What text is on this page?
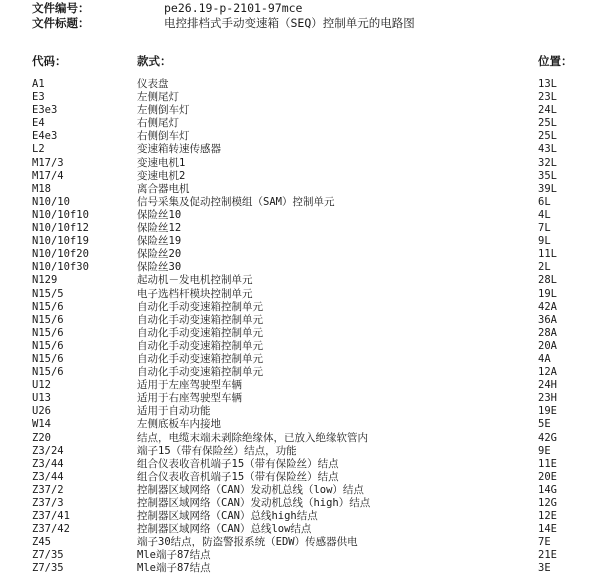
文件编号：	pe26.19-p-2101-97mce
文件标题：	电控排档式手动变速箱（SEQ）控制单元的电路图
代码：	款式：	位置：
A1	仪表盘	13L
E3	左侧尾灯	23L
E3e3	左侧倒车灯	24L
E4	右侧尾灯	25L
E4e3	右侧倒车灯	25L
L2	变速箱转速传感器	43L
M17/3	变速电机1	32L
M17/4	变速电机2	35L
M18	离合器电机	39L
N10/10	信号采集及促动控制模组（SAM）控制单元	6L
N10/10f10	保险丝10	4L
N10/10f12	保险丝12	7L
N10/10f19	保险丝19	9L
N10/10f20	保险丝20	11L
N10/10f30	保险丝30	2L
N129	起动机－发电机控制单元	28L
N15/5	电子选档杆模块控制单元	19L
N15/6	自动化手动变速箱控制单元	42A
N15/6	自动化手动变速箱控制单元	36A
N15/6	自动化手动变速箱控制单元	28A
N15/6	自动化手动变速箱控制单元	20A
N15/6	自动化手动变速箱控制单元	4A
N15/6	自动化手动变速箱控制单元	12A
U12	适用于左座驾驶型车辆	24H
U13	适用于右座驾驶型车辆	23H
U26	适用于自动功能	19E
W14	左侧底板车内接地	5E
Z20	结点，电缆末端未剥除绝缘体，已放入绝缘软管内	42G
Z3/24	端子15（带有保险丝）结点，功能	9E
Z3/44	组合仪表收音机端子15（带有保险丝）结点	11E
Z3/44	组合仪表收音机端子15（带有保险丝）结点	20E
Z37/2	控制器区域网络（CAN）发动机总线（low）结点	14G
Z37/3	控制器区域网络（CAN）发动机总线（high）结点	12G
Z37/41	控制器区域网络（CAN）总线high结点	12E
Z37/42	控制器区域网络（CAN）总线low结点	14E
Z45	端子30结点，防盗警报系统（EDW）传感器供电	7E
Z7/35	Mle端子87结点	21E
Z7/35	Mle端子87结点	3E
